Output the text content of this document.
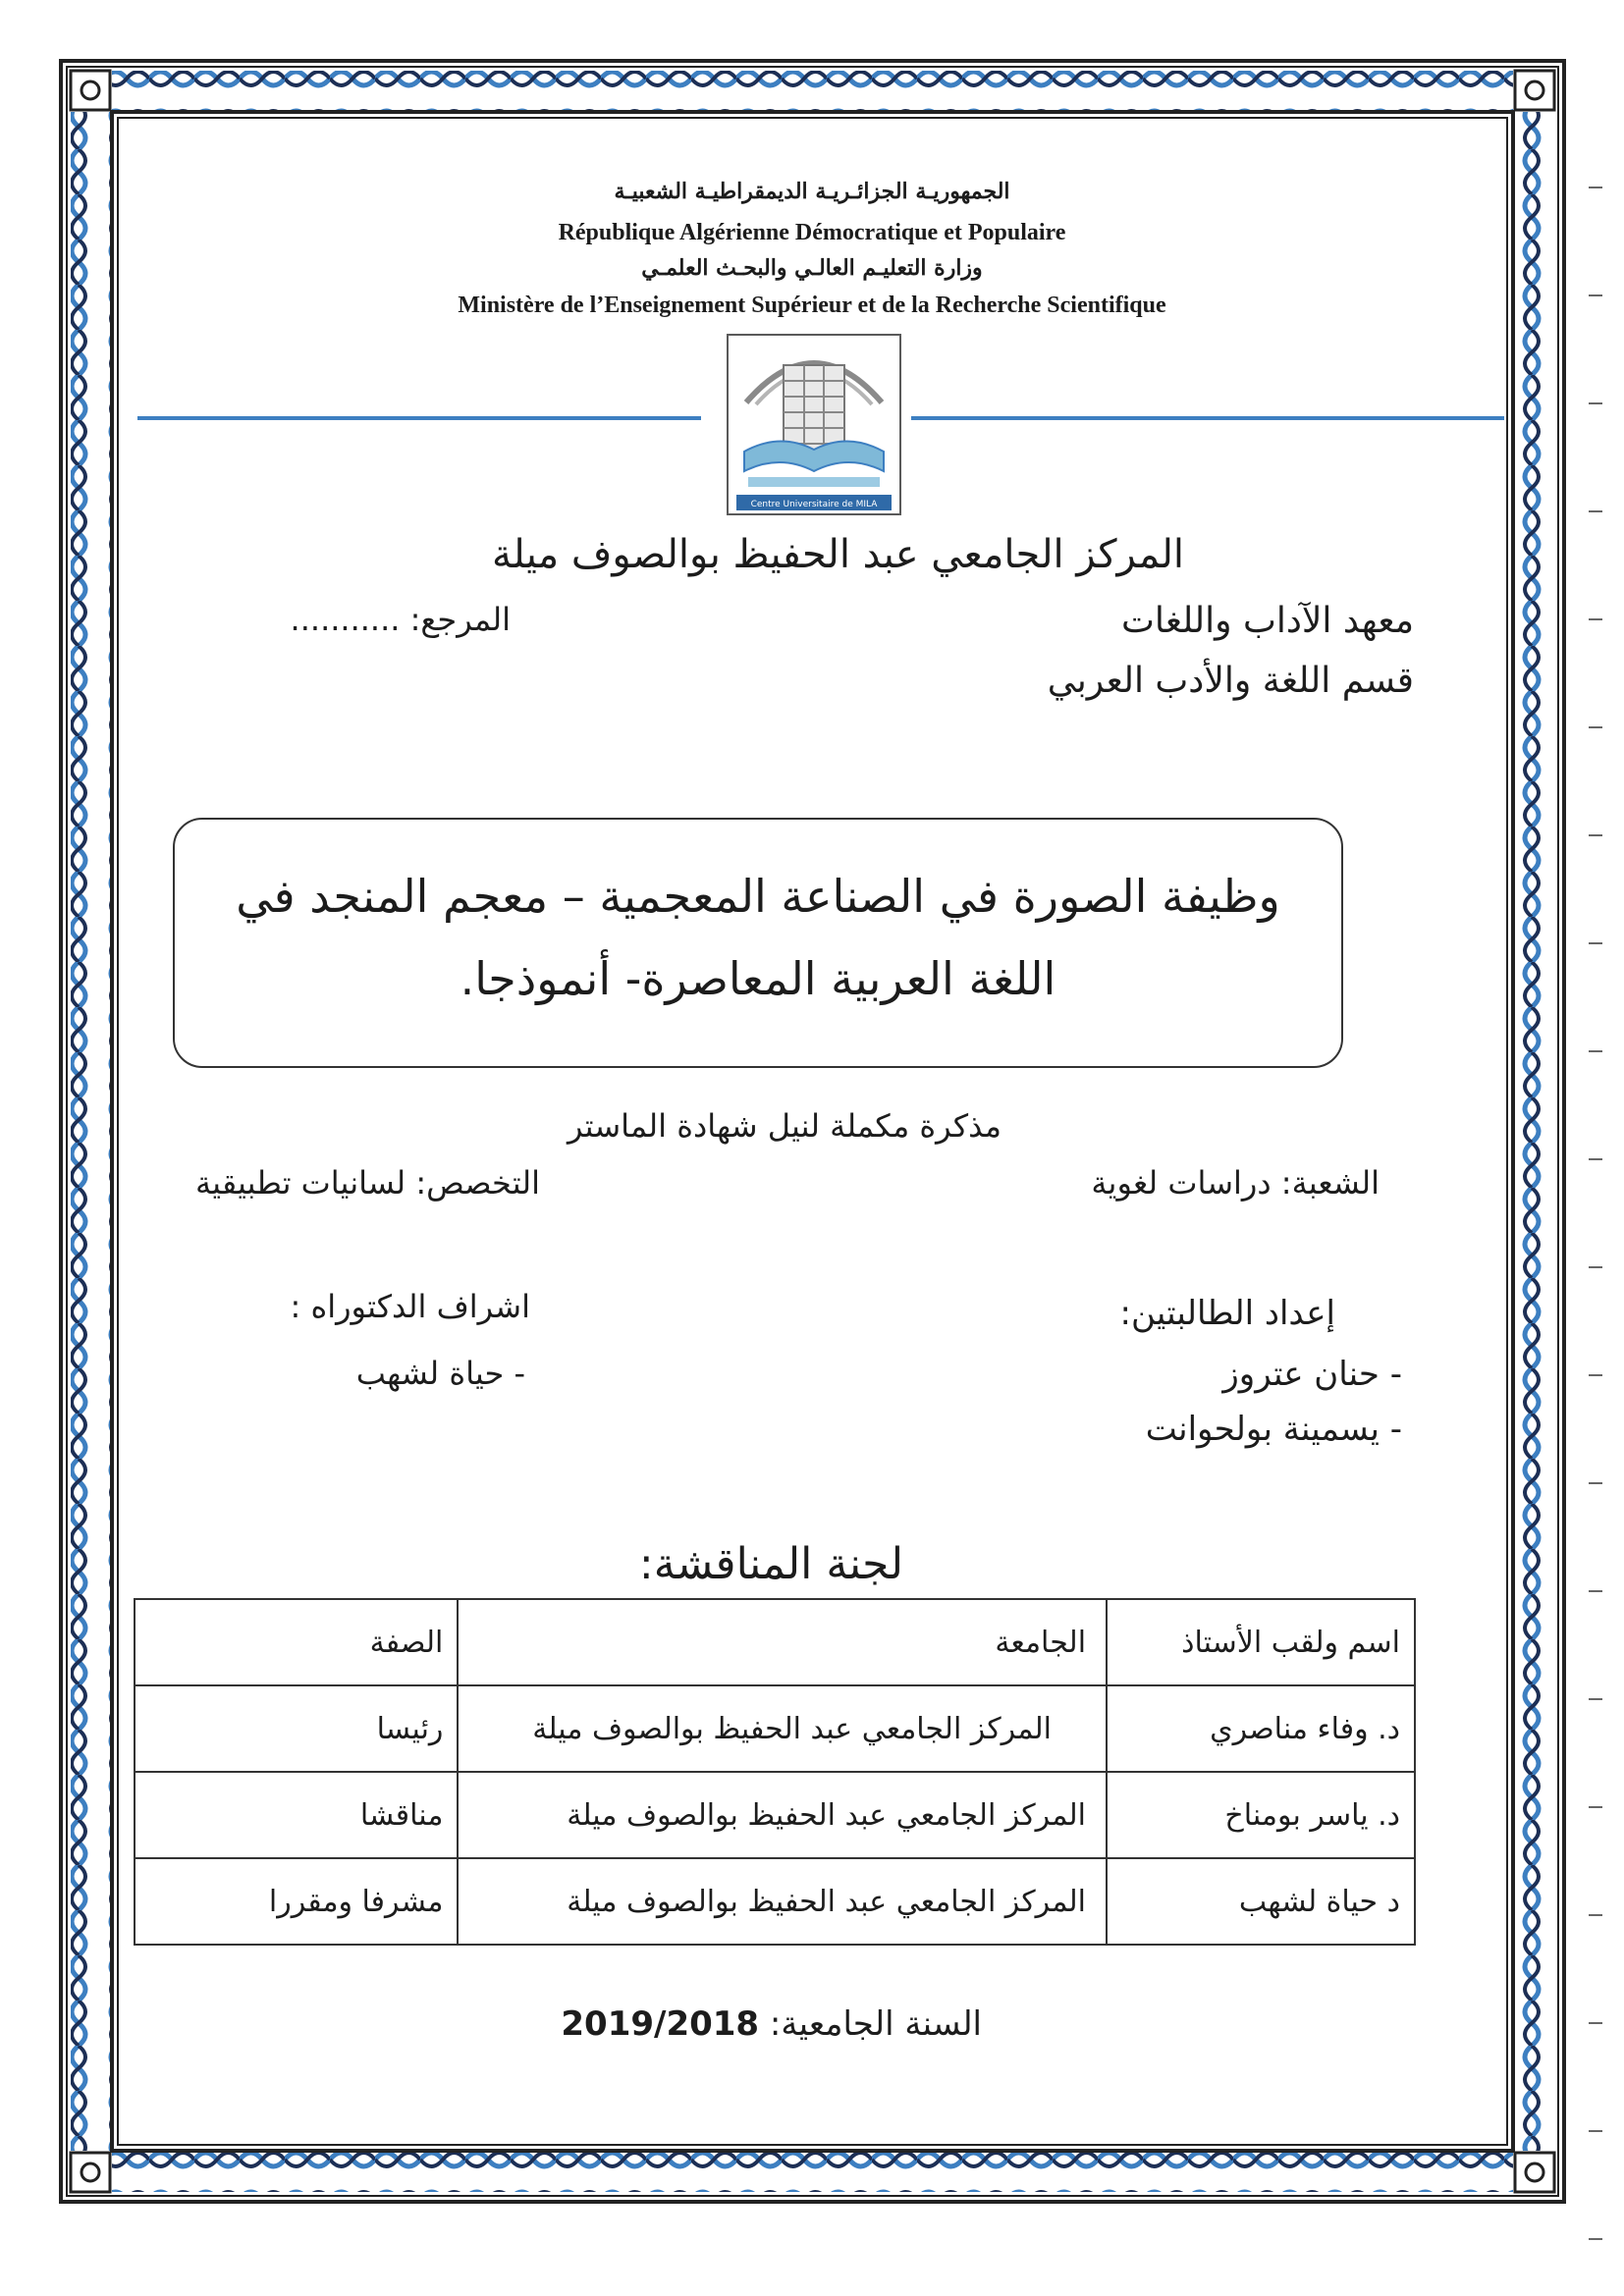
الجمهوريـة الجزائـريـة الديمقراطيـة الشعبيـة
République Algérienne Démocratique et Populaire
وزارة التعليـم العالـي والبحـث العلمـي
Ministère de l’Enseignement Supérieur et de la Recherche Scientifique
Centre Universitaire de MILA
المركز الجامعي عبد الحفيظ بوالصوف ميلة
معهد الآداب واللغات
المرجع: ...........
قسم اللغة والأدب العربي
وظيفة الصورة في الصناعة المعجمية – معجم المنجد في
اللغة العربية المعاصرة- أنموذجا.
مذكرة مكملة لنيل شهادة الماستر
الشعبة: دراسات لغوية
التخصص: لسانيات تطبيقية
إعداد الطالبتين:
- حنان عتروز
- يسمينة بولحوانت
اشراف الدكتوراه :
- حياة لشهب
لجنة المناقشة:
اسم ولقب الأستاذ	الجامعة	الصفة
د. وفاء مناصري	المركز الجامعي عبد الحفيظ بوالصوف ميلة	رئيسا
د. ياسر بومناخ	المركز الجامعي عبد الحفيظ بوالصوف ميلة	مناقشا
د حياة لشهب	المركز الجامعي عبد الحفيظ بوالصوف ميلة	مشرفا ومقررا
السنة الجامعية: 2019/2018
